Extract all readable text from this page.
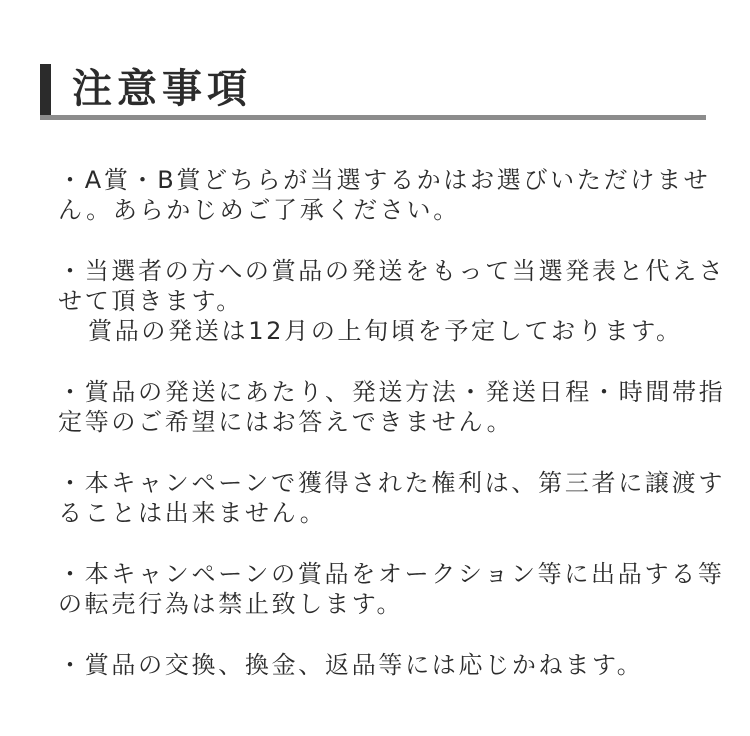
注意事項
・A賞・B賞どちらが当選するかはお選びいただけませ
ん。あらかじめご了承ください。
・当選者の方への賞品の発送をもって当選発表と代えさ
せて頂きます。
賞品の発送は12月の上旬頃を予定しております。
・賞品の発送にあたり、発送方法・発送日程・時間帯指
定等のご希望にはお答えできません。
・本キャンペーンで獲得された権利は、第三者に譲渡す
ることは出来ません。
・本キャンペーンの賞品をオークション等に出品する等
の転売行為は禁止致します。
・賞品の交換、換金、返品等には応じかねます。
